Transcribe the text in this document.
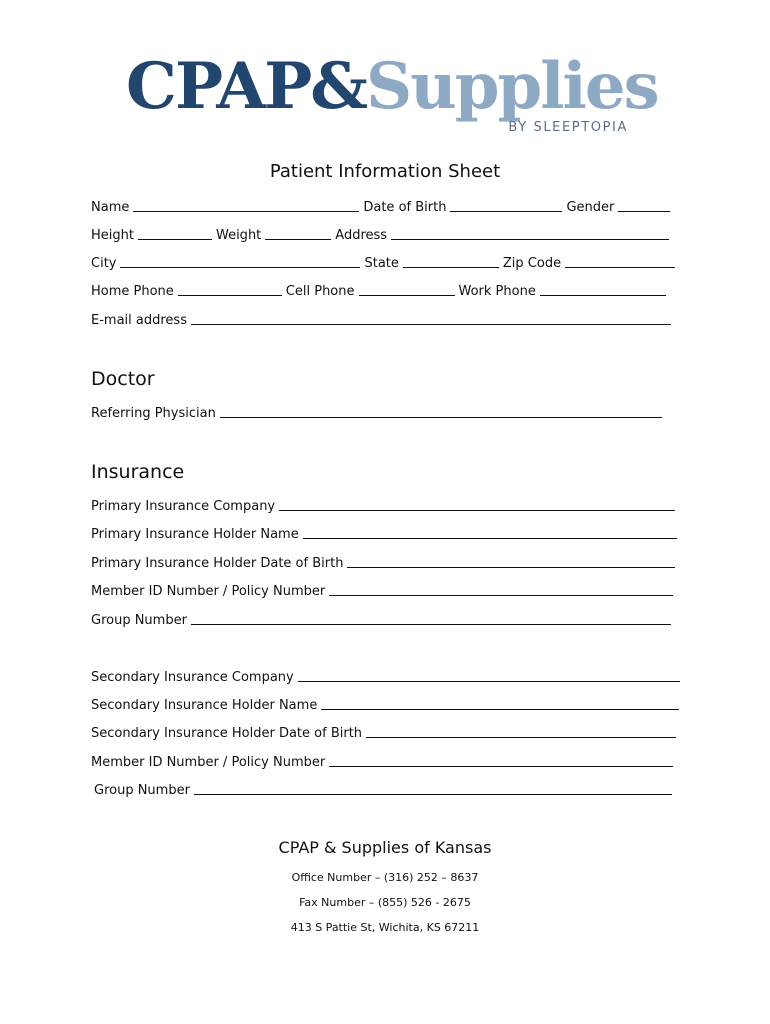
CPAP&Supplies
BY SLEEPTOPIA
Patient Information Sheet
Name	Date of Birth	Gender
Height	Weight	Address
City	State	Zip Code
Home Phone	Cell Phone	Work Phone
E-mail address
Doctor
Referring Physician
Insurance
Primary Insurance Company
Primary Insurance Holder Name
Primary Insurance Holder Date of Birth
Member ID Number / Policy Number
Group Number
Secondary Insurance Company
Secondary Insurance Holder Name
Secondary Insurance Holder Date of Birth
Member ID Number / Policy Number
Group Number
CPAP & Supplies of Kansas
Office Number – (316) 252 – 8637
Fax Number – (855) 526 - 2675
413 S Pattie St, Wichita, KS 67211
